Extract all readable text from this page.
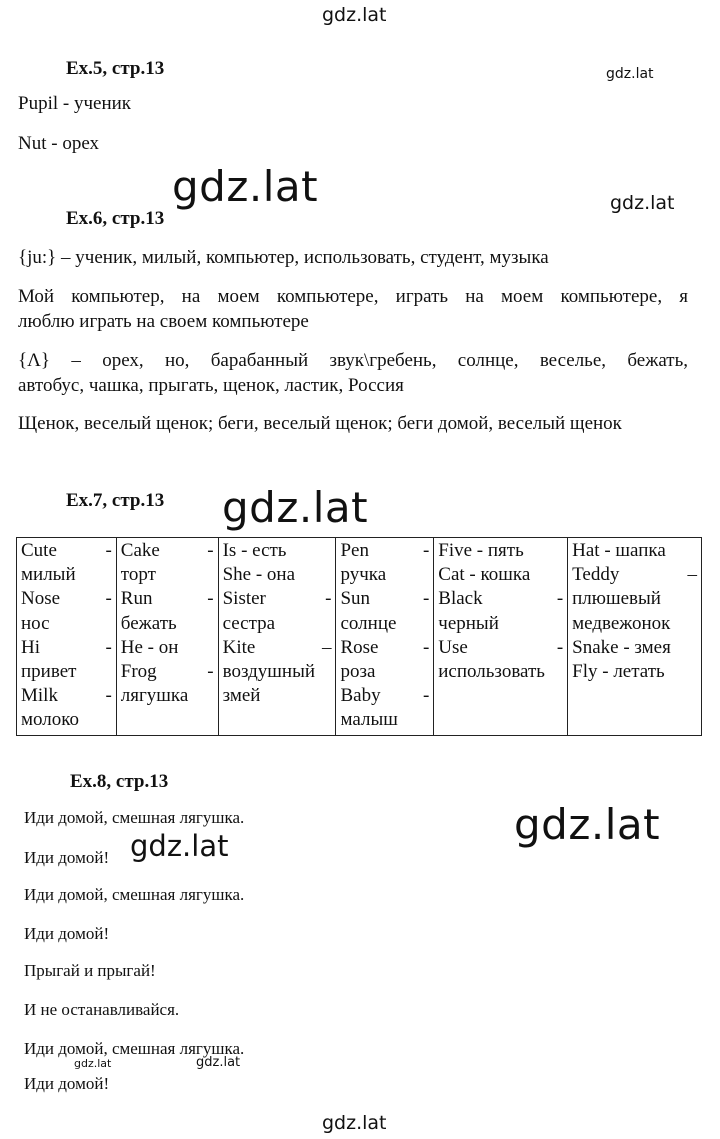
gdz.lat
gdz.lat
gdz.lat	gdz.lat
gdz.lat
gdz.lat
gdz.lat
gdz.lat	gdz.lat
gdz.lat
Ex.5, стр.13
Pupil - ученик
Nut - орех
Ex.6, стр.13
{ju:} – ученик, милый, компьютер, использовать, студент, музыка
Мой компьютер, на моем компьютере, играть на моем компьютере, я
люблю играть на своем компьютере
{Λ} – орех, но, барабанный звук\гребень, солнце, веселье, бежать,
автобус, чашка, прыгать, щенок, ластик, Россия
Щенок, веселый щенок; беги, веселый щенок; беги домой, веселый щенок
Ex.7, стр.13
Cute	-
милый
Nose -
нос
Hi	-
привет
Milk	-
молоко

Cake -
торт
Run	-
бежать
He - он
Frog	-
лягушка

Is - есть
She - она
Sister	-
сестра
Kite	–
воздушный
змей

Pen	-
ручка
Sun	-
солнце
Rose -
роза
Baby -
малыш

Five - пять
Cat - кошка
Black	-
черный
Use	-
использовать

Hat - шапка
Teddy	–
плюшевый
медвежонок
Snake - змея
Fly - летать
Ex.8, стр.13
Иди домой, смешная лягушка.
Иди домой!
Иди домой, смешная лягушка.
Иди домой!
Прыгай и прыгай!
И не останавливайся.
Иди домой, смешная лягушка.
Иди домой!
